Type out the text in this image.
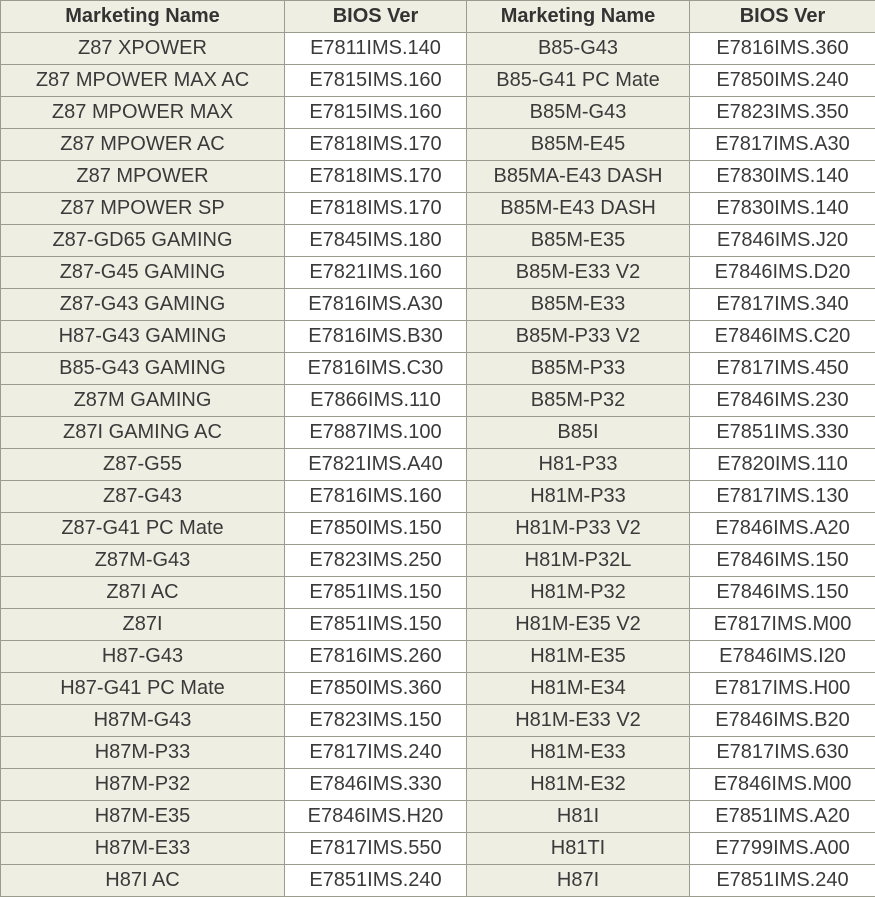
Marketing Name	BIOS Ver	Marketing Name	BIOS Ver
Z87 XPOWER	E7811IMS.140	B85-G43	E7816IMS.360
Z87 MPOWER MAX AC	E7815IMS.160	B85-G41 PC Mate	E7850IMS.240
Z87 MPOWER MAX	E7815IMS.160	B85M-G43	E7823IMS.350
Z87 MPOWER AC	E7818IMS.170	B85M-E45	E7817IMS.A30
Z87 MPOWER	E7818IMS.170	B85MA-E43 DASH	E7830IMS.140
Z87 MPOWER SP	E7818IMS.170	B85M-E43 DASH	E7830IMS.140
Z87-GD65 GAMING	E7845IMS.180	B85M-E35	E7846IMS.J20
Z87-G45 GAMING	E7821IMS.160	B85M-E33 V2	E7846IMS.D20
Z87-G43 GAMING	E7816IMS.A30	B85M-E33	E7817IMS.340
H87-G43 GAMING	E7816IMS.B30	B85M-P33 V2	E7846IMS.C20
B85-G43 GAMING	E7816IMS.C30	B85M-P33	E7817IMS.450
Z87M GAMING	E7866IMS.110	B85M-P32	E7846IMS.230
Z87I GAMING AC	E7887IMS.100	B85I	E7851IMS.330
Z87-G55	E7821IMS.A40	H81-P33	E7820IMS.110
Z87-G43	E7816IMS.160	H81M-P33	E7817IMS.130
Z87-G41 PC Mate	E7850IMS.150	H81M-P33 V2	E7846IMS.A20
Z87M-G43	E7823IMS.250	H81M-P32L	E7846IMS.150
Z87I AC	E7851IMS.150	H81M-P32	E7846IMS.150
Z87I	E7851IMS.150	H81M-E35 V2	E7817IMS.M00
H87-G43	E7816IMS.260	H81M-E35	E7846IMS.I20
H87-G41 PC Mate	E7850IMS.360	H81M-E34	E7817IMS.H00
H87M-G43	E7823IMS.150	H81M-E33 V2	E7846IMS.B20
H87M-P33	E7817IMS.240	H81M-E33	E7817IMS.630
H87M-P32	E7846IMS.330	H81M-E32	E7846IMS.M00
H87M-E35	E7846IMS.H20	H81I	E7851IMS.A20
H87M-E33	E7817IMS.550	H81TI	E7799IMS.A00
H87I AC	E7851IMS.240	H87I	E7851IMS.240
